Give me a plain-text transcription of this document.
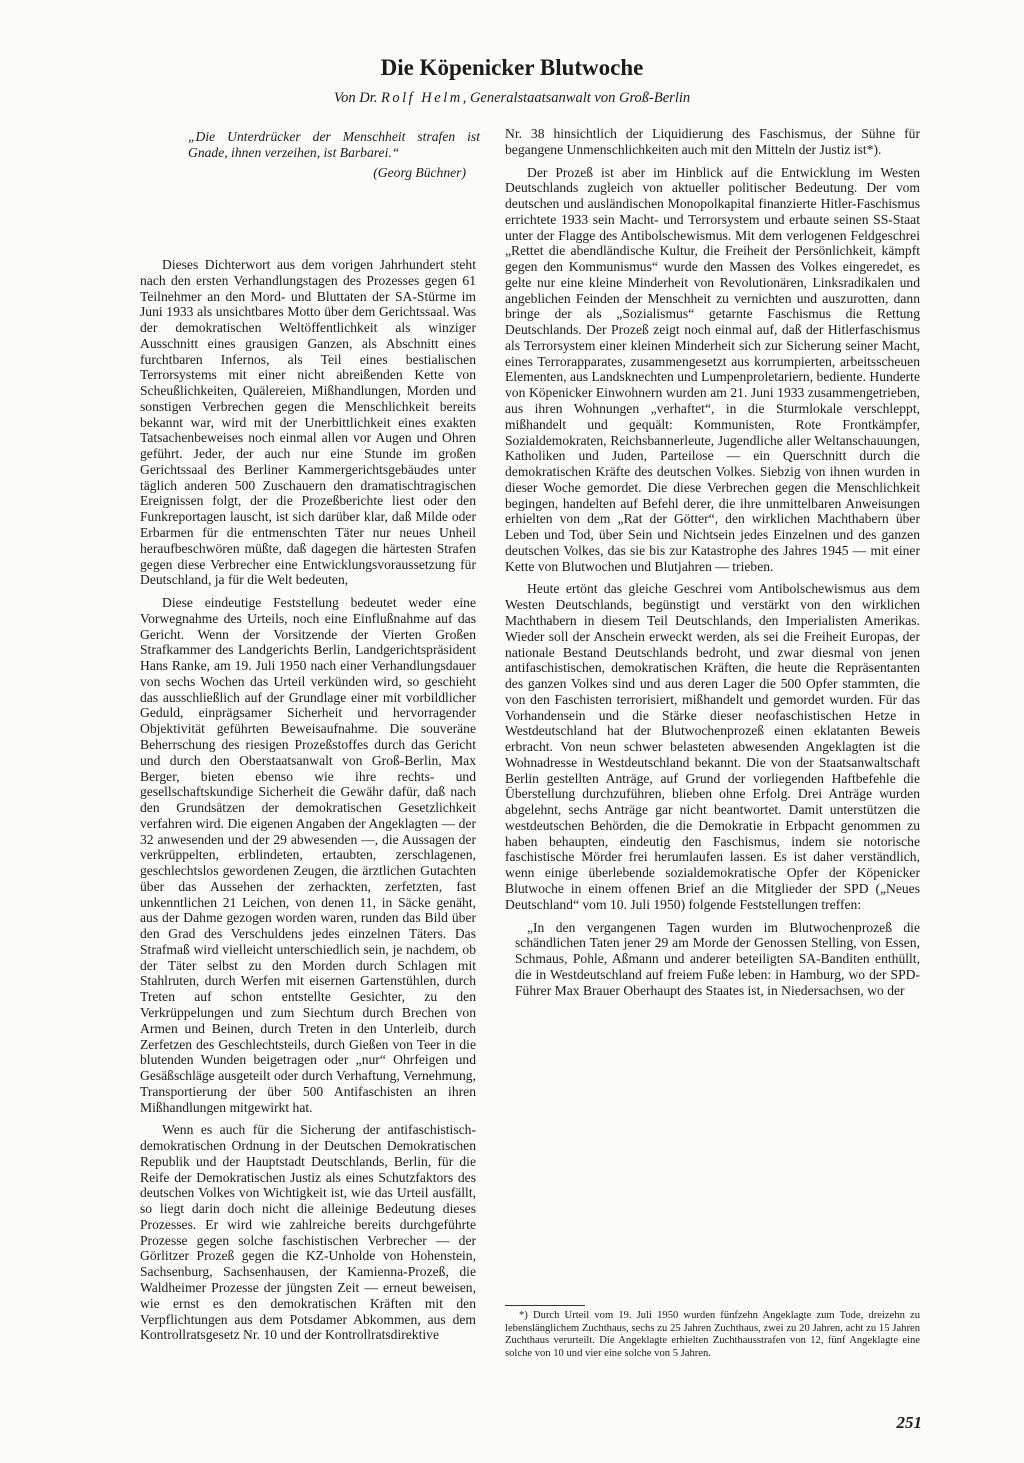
Die Köpenicker Blutwoche

Von Dr. Rolf Helm, Generalstaatsanwalt von Groß-Berlin

„Die Unterdrücker der Menschheit strafen ist Gnade, ihnen verzeihen, ist Barbarei.“

(Georg Büchner)

Dieses Dichterwort aus dem vorigen Jahrhundert steht nach den ersten Verhandlungstagen des Prozesses gegen 61 Teilnehmer an den Mord- und Bluttaten der SA-Stürme im Juni 1933 als unsichtbares Motto über dem Gerichtssaal. Was der demokratischen Weltöffentlichkeit als winziger Ausschnitt eines grausigen Ganzen, als Abschnitt eines furchtbaren Infernos, als Teil eines bestialischen Terrorsystems mit einer nicht abreißenden Kette von Scheußlichkeiten, Quälereien, Mißhandlungen, Morden und sonstigen Verbrechen gegen die Menschlichkeit bereits bekannt war, wird mit der Unerbittlichkeit eines exakten Tatsachenbeweises noch einmal allen vor Augen und Ohren geführt. Jeder, der auch nur eine Stunde im großen Gerichtssaal des Berliner Kammergerichtsgebäudes unter täglich anderen 500 Zuschauern den dramatischtragischen Ereignissen folgt, der die Prozeßberichte liest oder den Funkreportagen lauscht, ist sich darüber klar, daß Milde oder Erbarmen für die entmenschten Täter nur neues Unheil heraufbeschwören müßte, daß dagegen die härtesten Strafen gegen diese Verbrecher eine Entwicklungsvoraussetzung für Deutschland, ja für die Welt bedeuten,

Diese eindeutige Feststellung bedeutet weder eine Vorwegnahme des Urteils, noch eine Einflußnahme auf das Gericht. Wenn der Vorsitzende der Vierten Großen Strafkammer des Landgerichts Berlin, Landgerichtspräsident Hans Ranke, am 19. Juli 1950 nach einer Verhandlungsdauer von sechs Wochen das Urteil verkünden wird, so geschieht das ausschließlich auf der Grundlage einer mit vorbildlicher Geduld, einprägsamer Sicherheit und hervorragender Objektivität geführten Beweisaufnahme. Die souveräne Beherrschung des riesigen Prozeßstoffes durch das Gericht und durch den Oberstaatsanwalt von Groß-Berlin, Max Berger, bieten ebenso wie ihre rechts- und gesellschaftskundige Sicherheit die Gewähr dafür, daß nach den Grundsätzen der demokratischen Gesetzlichkeit verfahren wird. Die eigenen Angaben der Angeklagten — der 32 anwesenden und der 29 abwesenden —, die Aussagen der verkrüppelten, erblindeten, ertaubten, zerschlagenen, geschlechtslos gewordenen Zeugen, die ärztlichen Gutachten über das Aussehen der zerhackten, zerfetzten, fast unkenntlichen 21 Leichen, von denen 11, in Säcke genäht, aus der Dahme gezogen worden waren, runden das Bild über den Grad des Verschuldens jedes einzelnen Täters. Das Strafmaß wird vielleicht unterschiedlich sein, je nachdem, ob der Täter selbst zu den Morden durch Schlagen mit Stahlruten, durch Werfen mit eisernen Gartenstühlen, durch Treten auf schon entstellte Gesichter, zu den Verkrüppelungen und zum Siechtum durch Brechen von Armen und Beinen, durch Treten in den Unterleib, durch Zerfetzen des Geschlechtsteils, durch Gießen von Teer in die blutenden Wunden beigetragen oder „nur“ Ohrfeigen und Gesäßschläge ausgeteilt oder durch Verhaftung, Vernehmung, Transportierung der über 500 Antifaschisten an ihren Mißhandlungen mitgewirkt hat.

Wenn es auch für die Sicherung der antifaschistisch-demokratischen Ordnung in der Deutschen Demokratischen Republik und der Hauptstadt Deutschlands, Berlin, für die Reife der Demokratischen Justiz als eines Schutzfaktors des deutschen Volkes von Wichtigkeit ist, wie das Urteil ausfällt, so liegt darin doch nicht die alleinige Bedeutung dieses Prozesses. Er wird wie zahlreiche bereits durchgeführte Prozesse gegen solche faschistischen Verbrecher — der Görlitzer Prozeß gegen die KZ-Unholde von Hohenstein, Sachsenburg, Sachsenhausen, der Kamienna-Prozeß, die Waldheimer Prozesse der jüngsten Zeit — erneut beweisen, wie ernst es den demokratischen Kräften mit den Verpflichtungen aus dem Potsdamer Abkommen, aus dem Kontrollratsgesetz Nr. 10 und der Kontrollratsdirektive

Nr. 38 hinsichtlich der Liquidierung des Faschismus, der Sühne für begangene Unmenschlichkeiten auch mit den Mitteln der Justiz ist*).

Der Prozeß ist aber im Hinblick auf die Entwicklung im Westen Deutschlands zugleich von aktueller politischer Bedeutung. Der vom deutschen und ausländischen Monopolkapital finanzierte Hitler-Faschismus errichtete 1933 sein Macht- und Terrorsystem und erbaute seinen SS-Staat unter der Flagge des Antibolschewismus. Mit dem verlogenen Feldgeschrei „Rettet die abendländische Kultur, die Freiheit der Persönlichkeit, kämpft gegen den Kommunismus“ wurde den Massen des Volkes eingeredet, es gelte nur eine kleine Minderheit von Revolutionären, Linksradikalen und angeblichen Feinden der Menschheit zu vernichten und auszurotten, dann bringe der als „Sozialismus“ getarnte Faschismus die Rettung Deutschlands. Der Prozeß zeigt noch einmal auf, daß der Hitlerfaschismus als Terrorsystem einer kleinen Minderheit sich zur Sicherung seiner Macht, eines Terrorapparates, zusammengesetzt aus korrumpierten, arbeitsscheuen Elementen, aus Landsknechten und Lumpenproletariern, bediente. Hunderte von Köpenicker Einwohnern wurden am 21. Juni 1933 zusammengetrieben, aus ihren Wohnungen „verhaftet“, in die Sturmlokale verschleppt, mißhandelt und gequält: Kommunisten, Rote Frontkämpfer, Sozialdemokraten, Reichsbannerleute, Jugendliche aller Weltanschauungen, Katholiken und Juden, Parteilose — ein Querschnitt durch die demokratischen Kräfte des deutschen Volkes. Siebzig von ihnen wurden in dieser Woche gemordet. Die diese Verbrechen gegen die Menschlichkeit begingen, handelten auf Befehl derer, die ihre unmittelbaren Anweisungen erhielten von dem „Rat der Götter“, den wirklichen Machthabern über Leben und Tod, über Sein und Nichtsein jedes Einzelnen und des ganzen deutschen Volkes, das sie bis zur Katastrophe des Jahres 1945 — mit einer Kette von Blutwochen und Blutjahren — trieben.

Heute ertönt das gleiche Geschrei vom Antibolschewismus aus dem Westen Deutschlands, begünstigt und verstärkt von den wirklichen Machthabern in diesem Teil Deutschlands, den Imperialisten Amerikas. Wieder soll der Anschein erweckt werden, als sei die Freiheit Europas, der nationale Bestand Deutschlands bedroht, und zwar diesmal von jenen antifaschistischen, demokratischen Kräften, die heute die Repräsentanten des ganzen Volkes sind und aus deren Lager die 500 Opfer stammten, die von den Faschisten terrorisiert, mißhandelt und gemordet wurden. Für das Vorhandensein und die Stärke dieser neofaschistischen Hetze in Westdeutschland hat der Blutwochenprozeß einen eklatanten Beweis erbracht. Von neun schwer belasteten abwesenden Angeklagten ist die Wohnadresse in Westdeutschland bekannt. Die von der Staatsanwaltschaft Berlin gestellten Anträge, auf Grund der vorliegenden Haftbefehle die Überstellung durchzuführen, blieben ohne Erfolg. Drei Anträge wurden abgelehnt, sechs Anträge gar nicht beantwortet. Damit unterstützen die westdeutschen Behörden, die die Demokratie in Erbpacht genommen zu haben behaupten, eindeutig den Faschismus, indem sie notorische faschistische Mörder frei herumlaufen lassen. Es ist daher verständlich, wenn einige überlebende sozialdemokratische Opfer der Köpenicker Blutwoche in einem offenen Brief an die Mitglieder der SPD („Neues Deutschland“ vom 10. Juli 1950) folgende Feststellungen treffen:

„In den vergangenen Tagen wurden im Blutwochenprozeß die schändlichen Taten jener 29 am Morde der Genossen Stelling, von Essen, Schmaus, Pohle, Aßmann und anderer beteiligten SA-Banditen enthüllt, die in Westdeutschland auf freiem Fuße leben: in Hamburg, wo der SPD-Führer Max Brauer Oberhaupt des Staates ist, in Niedersachsen, wo der

*) Durch Urteil vom 19. Juli 1950 wurden fünfzehn Angeklagte zum Tode, dreizehn zu lebenslänglichem Zuchthaus, sechs zu 25 Jahren Zuchthaus, zwei zu 20 Jahren, acht zu 15 Jahren Zuchthaus verurteilt. Die Angeklagte erhielten Zuchthausstrafen von 12, fünf Angeklagte eine solche von 10 und vier eine solche von 5 Jahren.

251
